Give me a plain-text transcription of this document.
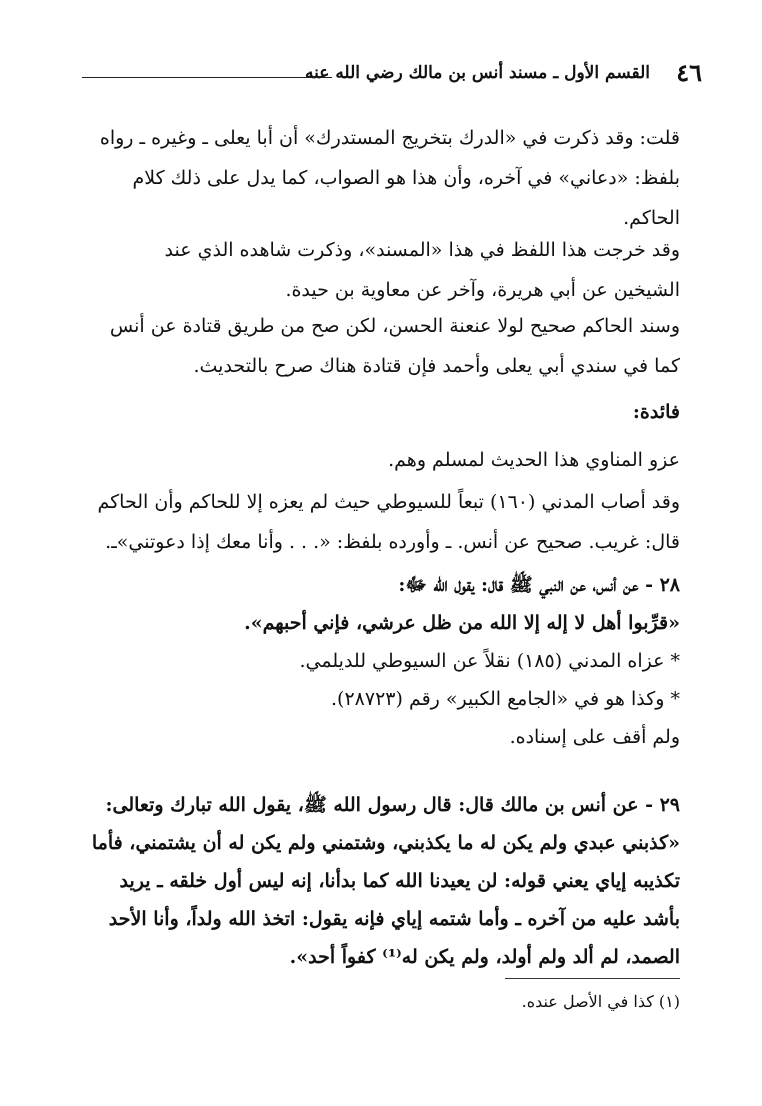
٤٦
القسم الأول ـ مسند أنس بن مالك رضي الله عنه
قلت: وقد ذكرت في «الدرك بتخريج المستدرك» أن أبا يعلى ـ وغيره ـ رواه
بلفظ: «دعاني» في آخره، وأن هذا هو الصواب، كما يدل على ذلك كلام
الحاكم.
وقد خرجت هذا اللفظ في هذا «المسند»، وذكرت شاهده الذي عند
الشيخين عن أبي هريرة، وآخر عن معاوية بن حيدة.
وسند الحاكم صحيح لولا عنعنة الحسن، لكن صح من طريق قتادة عن أنس
كما في سندي أبي يعلى وأحمد فإن قتادة هناك صرح بالتحديث.
فائدة:
عزو المناوي هذا الحديث لمسلم وهم.
وقد أصاب المدني (١٦٠) تبعاً للسيوطي حيث لم يعزه إلا للحاكم وأن الحاكم
قال: غريب. صحيح عن أنس. ـ وأورده بلفظ: «. . . وأنا معك إذا دعوتني»ـ.
٢٨ - عن أنس، عن النبي ﷺ قال: يقول الله ﷻ:
«قرِّبوا أهل لا إله إلا الله من ظل عرشي، فإني أحبهم».
* عزاه المدني (١٨٥) نقلاً عن السيوطي للديلمي.
* وكذا هو في «الجامع الكبير» رقم (٢٨٧٢٣).
ولم أقف على إسناده.
٢٩ - عن أنس بن مالك قال: قال رسول الله ﷺ، يقول الله تبارك وتعالى:
«كذبني عبدي ولم يكن له ما يكذبني، وشتمني ولم يكن له أن يشتمني، فأما
تكذيبه إياي يعني قوله: لن يعيدنا الله كما بدأنا، إنه ليس أول خلقه ـ يريد
بأشد عليه من آخره ـ وأما شتمه إياي فإنه يقول: اتخذ الله ولداً، وأنا الأحد
الصمد، لم ألد ولم أولد، ولم يكن له⁽¹⁾ كفواً أحد».
(١) كذا في الأصل عنده.
